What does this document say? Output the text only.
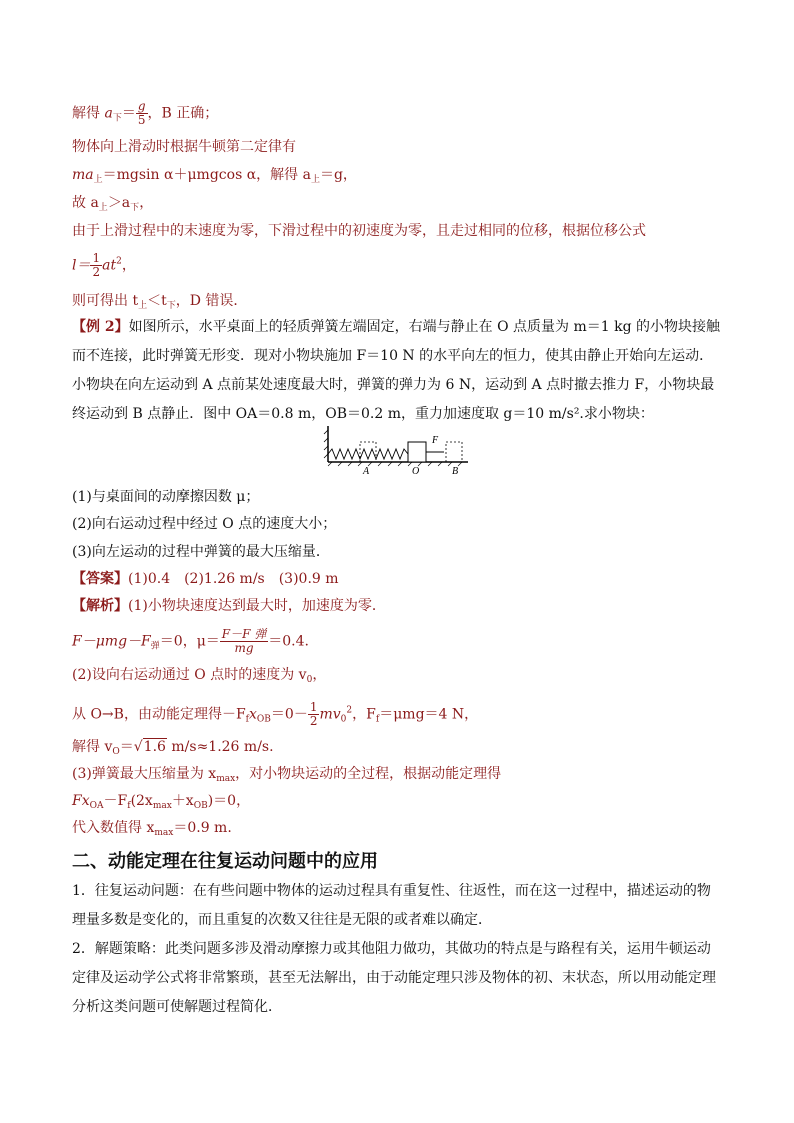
解得 $a_下= \frac{g}{5}$ ，B 正确；
物体向上滑动时根据牛顿第二定律有
$ma_上=mgsin$ α＋μmgcos α，解得 $a_上=g$，
故 $a_上>a_下$，
由于上滑过程中的末速度为零，下滑过程中的初速度为零，且走过相同的位移，根据位移公式
$l= \frac{1}{2} at^2$，
则可得出 $t_上<t_下$，D 错误．
【例 2】如图所示，水平桌面上的轻质弹簧左端固定，右端与静止在 O 点质量为 m＝1 kg 的小物块接触而不连接，此时弹簧无形变．现对小物块施加 F＝10 N 的水平向左的恒力，使其由静止开始向左运动．小物块在向左运动到 A 点前某处速度最大时，弹簧的弹力为 6 N，运动到 A 点时撤去推力 F，小物块最终运动到 B 点静止．图中 OA＝0.8 m，OB＝0.2 m，重力加速度取 g＝10 m/s².求小物块：
F
A	O	B
(1)与桌面间的动摩擦因数 μ；
(2)向右运动过程中经过 O 点的速度大小；
(3)向左运动的过程中弹簧的最大压缩量．
【答案】(1)0.4　(2)1.26 m/s　(3)0.9 m
【解析】(1)小物块速度达到最大时，加速度为零．
$F-\mu mg-F_弹=0$，$\mu= \frac{\text{F－F 弹}}{mg} =0.4$.
(2)设向右运动通过 O 点时的速度为 $v_0$，
从 O→B，由动能定理得$-F_fx_{OB}=0- \frac{1}{2} mv_0^2$，$F_f=\mu mg=4$ N，
解得 $v_O=√1.6$ m/s≈1.26 m/s.
(3)弹簧最大压缩量为 $x_{max}$，对小物块运动的全过程，根据动能定理得
$Fx_{OA}-F_f(2x_{max}+x_{OB})=0$，
代入数值得 $x_{max}=0.9$ m.
二、动能定理在往复运动问题中的应用
1．往复运动问题：在有些问题中物体的运动过程具有重复性、往返性，而在这一过程中，描述运动的物理量多数是变化的，而且重复的次数又往往是无限的或者难以确定．
2．解题策略：此类问题多涉及滑动摩擦力或其他阻力做功，其做功的特点是与路程有关，运用牛顿运动定律及运动学公式将非常繁琐，甚至无法解出，由于动能定理只涉及物体的初、末状态，所以用动能定理分析这类问题可使解题过程简化．
